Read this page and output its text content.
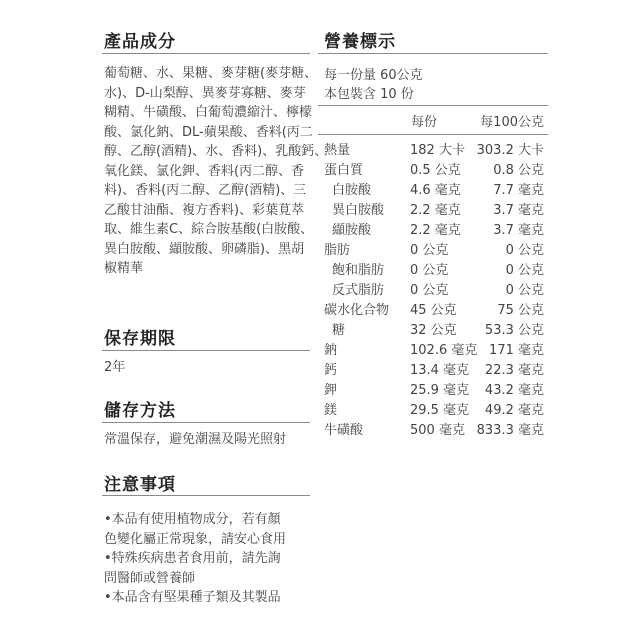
產品成分
葡萄糖、水、果糖、麥芽糖(麥芽糖、
水)、D-山梨醇、異麥芽寡糖、麥芽
糊精、牛磺酸、白葡萄濃縮汁、檸檬
酸、氯化鈉、DL-蘋果酸、香料(丙二
醇、乙醇(酒精)、水、香料)、乳酸鈣、
氧化鎂、氯化鉀、香料(丙二醇、香
料)、香料(丙二醇、乙醇(酒精)、三
乙酸甘油酯、複方香料)、彩葉莧萃
取、維生素C、綜合胺基酸(白胺酸、
異白胺酸、纈胺酸、卵磷脂)、黑胡
椒精華
保存期限
2年
儲存方法
常溫保存，避免潮濕及陽光照射
注意事項
•本品有使用植物成分，若有顏
色變化屬正常現象，請安心食用
•特殊疾病患者食用前，請先詢
問醫師或營養師
•本品含有堅果種子類及其製品
營養標示
每一份量 60公克
本包裝含 10 份
每份	每100公克
熱量	182 大卡 303.2 大卡
蛋白質	0.5 公克 0.8 公克
白胺酸	4.6 毫克 7.7 毫克
異白胺酸 2.2 毫克 3.7 毫克
纈胺酸	2.2 毫克 3.7 毫克
脂肪	0 公克	0 公克
飽和脂肪 0 公克	0 公克
反式脂肪 0 公克	0 公克
碳水化合物 45 公克	75 公克
糖	32 公克 53.3 公克
鈉	102.6 毫克 171 毫克
鈣	13.4 毫克 22.3 毫克
鉀	25.9 毫克 43.2 毫克
鎂	29.5 毫克 49.2 毫克
牛磺酸	500 毫克 833.3 毫克
